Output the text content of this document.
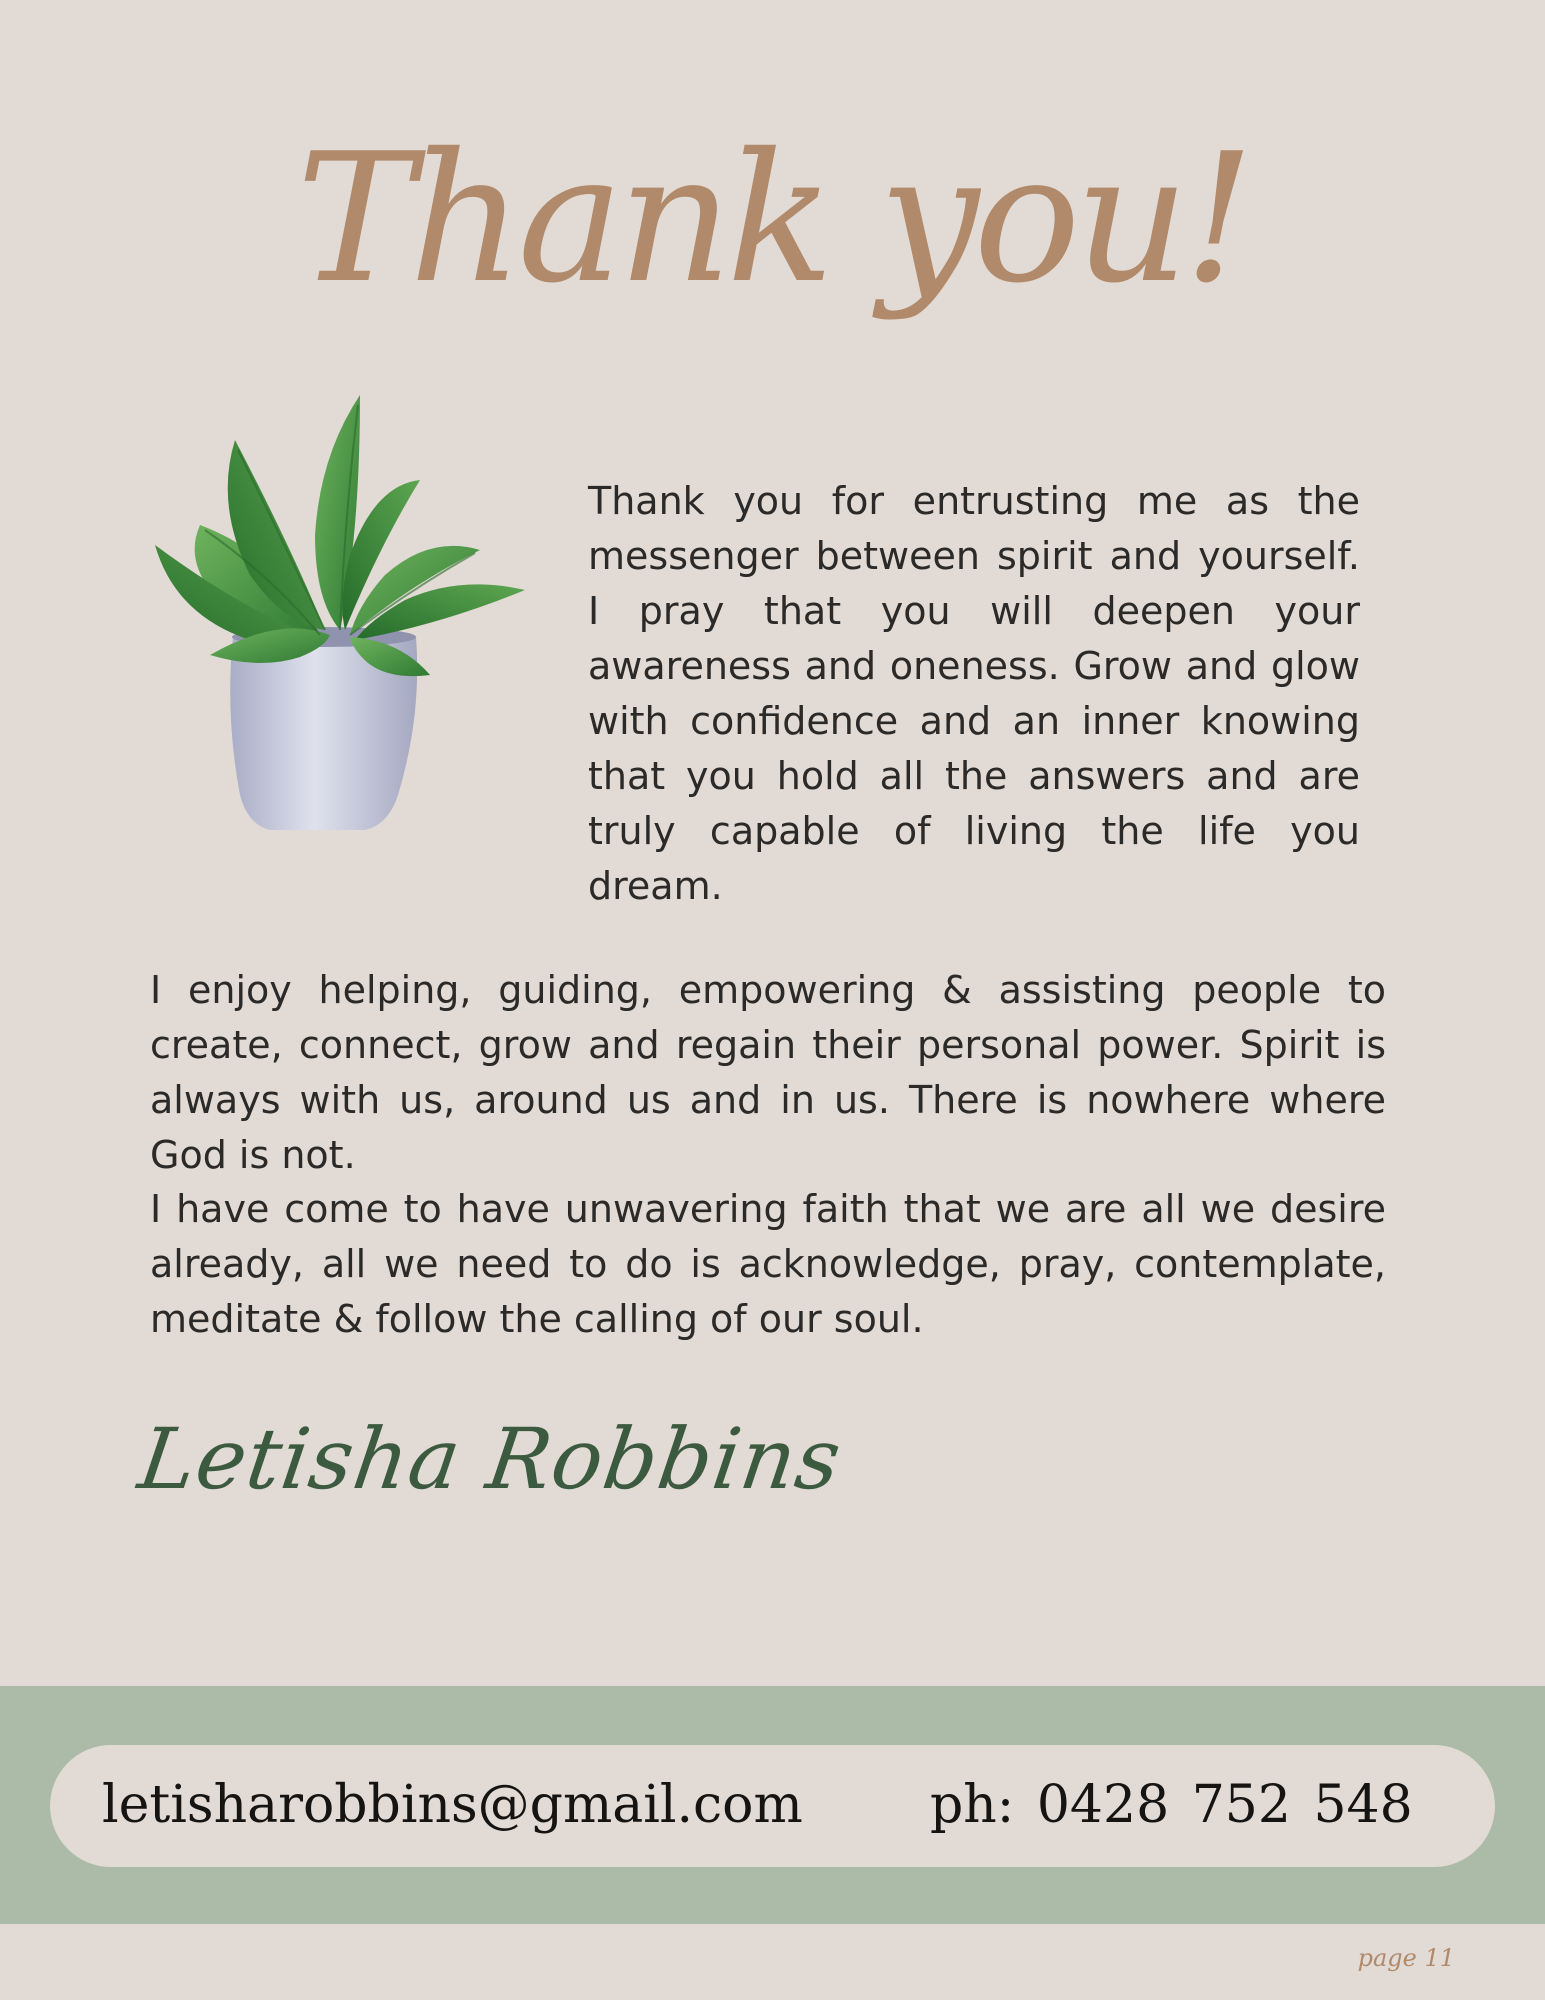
Thank you!
Thank you for entrusting me as the messenger between spirit and yourself. I pray that you will deepen your awareness and oneness. Grow and glow with confidence and an inner knowing that you hold all the answers and are truly capable of living the life you dream.
I enjoy helping, guiding, empowering & assisting people to create, connect, grow and regain their personal power. Spirit is always with us, around us and in us. There is nowhere where God is not.
I have come to have unwavering faith that we are all we desire already, all we need to do is acknowledge, pray, contemplate, meditate & follow the calling of our soul.
Letisha Robbins
letisharobbins@gmail.com ph: 0428 752 548
page 11
